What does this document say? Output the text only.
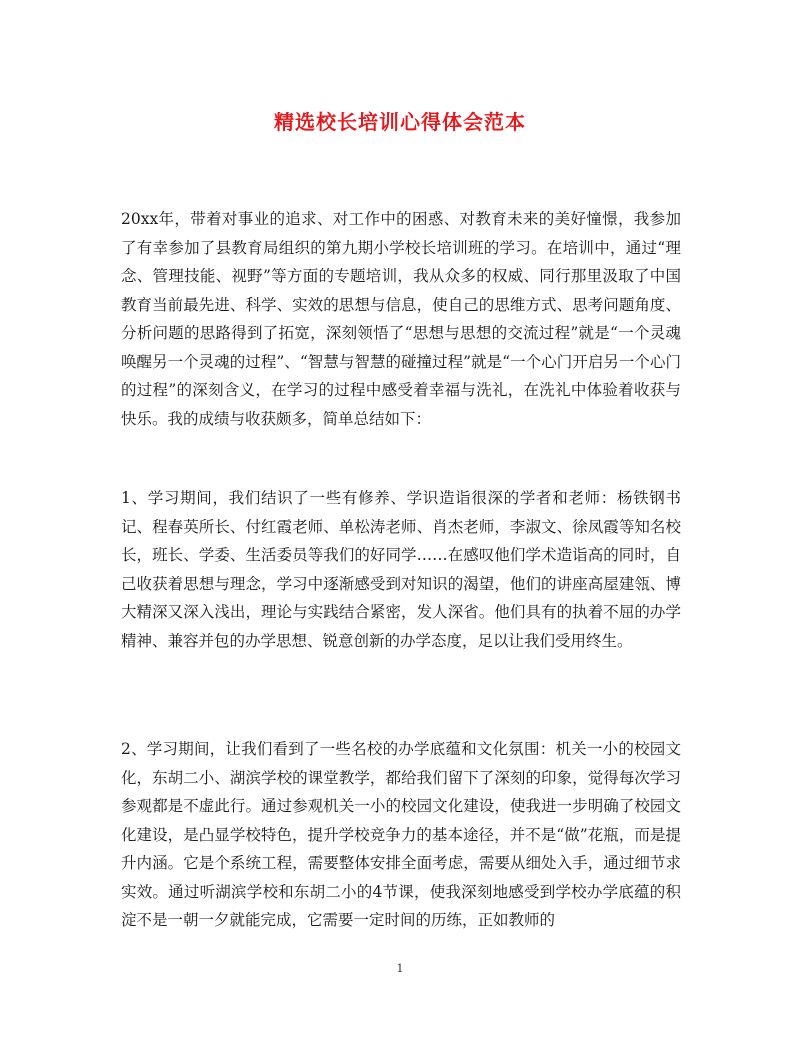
精选校长培训心得体会范本

20xx年，带着对事业的追求、对工作中的困惑、对教育未来的美好憧憬，我参加了有幸参加了县教育局组织的第九期小学校长培训班的学习。在培训中，通过“理念、管理技能、视野”等方面的专题培训，我从众多的权威、同行那里汲取了中国教育当前最先进、科学、实效的思想与信息，使自己的思维方式、思考问题角度、分析问题的思路得到了拓宽，深刻领悟了“思想与思想的交流过程”就是“一个灵魂唤醒另一个灵魂的过程”、“智慧与智慧的碰撞过程”就是“一个心门开启另一个心门的过程”的深刻含义，在学习的过程中感受着幸福与洗礼，在洗礼中体验着收获与快乐。我的成绩与收获颇多，简单总结如下：

1、学习期间，我们结识了一些有修养、学识造诣很深的学者和老师：杨铁钢书记、程春英所长、付红霞老师、单松涛老师、肖杰老师，李淑文、徐凤霞等知名校长，班长、学委、生活委员等我们的好同学……在感叹他们学术造诣高的同时，自己收获着思想与理念，学习中逐渐感受到对知识的渴望，他们的讲座高屋建瓴、博大精深又深入浅出，理论与实践结合紧密，发人深省。他们具有的执着不屈的办学精神、兼容并包的办学思想、锐意创新的办学态度，足以让我们受用终生。

2、学习期间，让我们看到了一些名校的办学底蕴和文化氛围：机关一小的校园文化，东胡二小、湖滨学校的课堂教学，都给我们留下了深刻的印象，觉得每次学习参观都是不虚此行。通过参观机关一小的校园文化建设，使我进一步明确了校园文化建设，是凸显学校特色，提升学校竞争力的基本途径，并不是“做”花瓶，而是提升内涵。它是个系统工程，需要整体安排全面考虑，需要从细处入手，通过细节求实效。通过听湖滨学校和东胡二小的4节课，使我深刻地感受到学校办学底蕴的积淀不是一朝一夕就能完成，它需要一定时间的历练，正如教师的

1
